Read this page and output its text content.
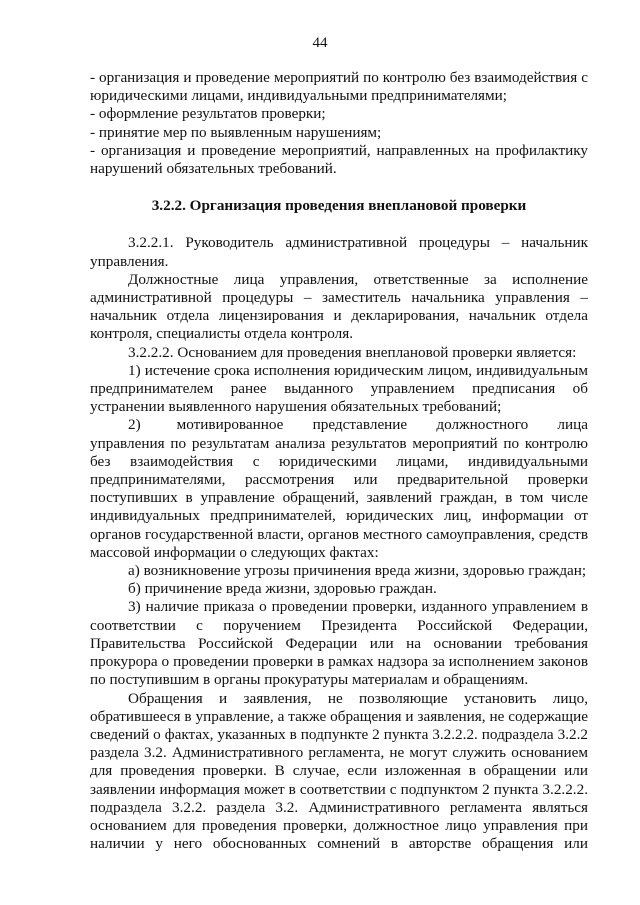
44

- организация и проведение мероприятий по контролю без взаимодействия с юридическими лицами, индивидуальными предпринимателями;

- оформление результатов проверки;

- принятие мер по выявленным нарушениям;

- организация и проведение мероприятий, направленных на профилактику нарушений обязательных требований.

3.2.2. Организация проведения внеплановой проверки

3.2.2.1. Руководитель административной процедуры – начальник управления.

Должностные лица управления, ответственные за исполнение административной процедуры – заместитель начальника управления – начальник отдела лицензирования и декларирования, начальник отдела контроля, специалисты отдела контроля.

3.2.2.2. Основанием для проведения внеплановой проверки является:

1) истечение срока исполнения юридическим лицом, индивидуальным предпринимателем ранее выданного управлением предписания об устранении выявленного нарушения обязательных требований;

2) мотивированное представление должностного лица управления по результатам анализа результатов мероприятий по контролю без взаимодействия с юридическими лицами, индивидуальными предпринимателями, рассмотрения или предварительной проверки поступивших в управление обращений, заявлений граждан, в том числе индивидуальных предпринимателей, юридических лиц, информации от органов государственной власти, органов местного самоуправления, средств массовой информации о следующих фактах:

а) возникновение угрозы причинения вреда жизни, здоровью граждан;

б) причинение вреда жизни, здоровью граждан.

3) наличие приказа о проведении проверки, изданного управлением в соответствии с поручением Президента Российской Федерации, Правительства Российской Федерации или на основании требования прокурора о проведении проверки в рамках надзора за исполнением законов по поступившим в органы прокуратуры материалам и обращениям.

Обращения и заявления, не позволяющие установить лицо, обратившееся в управление, а также обращения и заявления, не содержащие сведений о фактах, указанных в подпункте 2 пункта 3.2.2.2. подраздела 3.2.2 раздела 3.2. Административного регламента, не могут служить основанием для проведения проверки. В случае, если изложенная в обращении или заявлении информация может в соответствии с подпунктом 2 пункта 3.2.2.2. подраздела 3.2.2. раздела 3.2. Административного регламента являться основанием для проведения проверки, должностное лицо управления при наличии у него обоснованных сомнений в авторстве обращения или
